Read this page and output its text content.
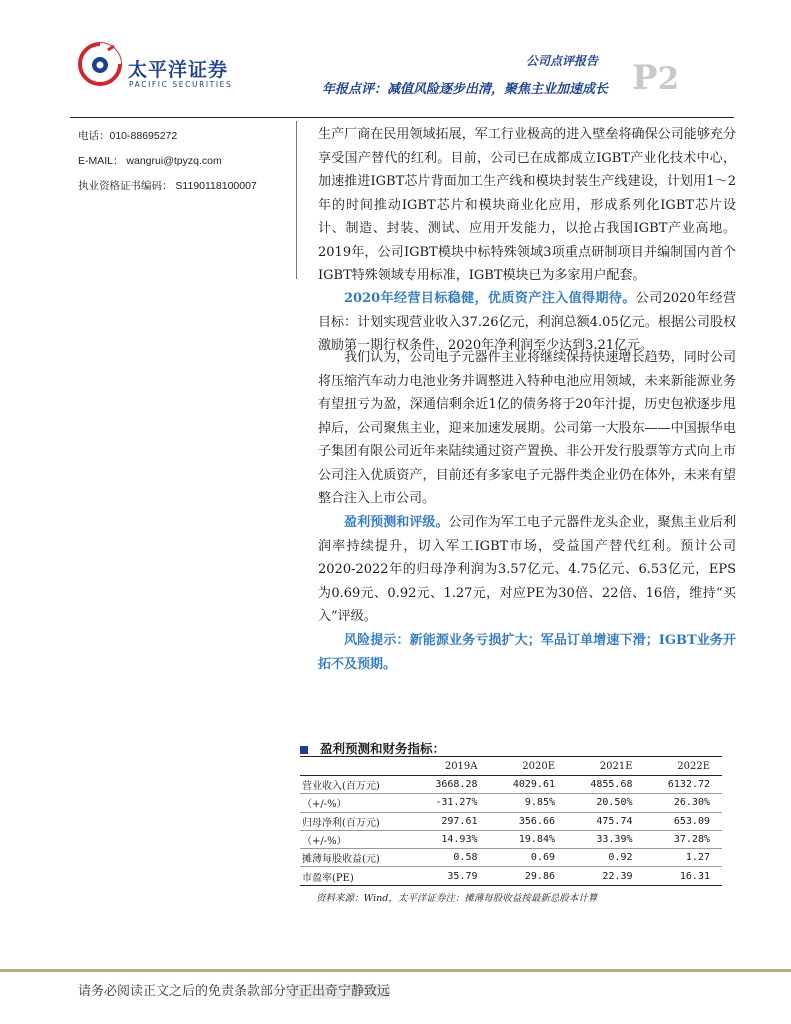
太平洋证券
PACIFIC SECURITIES
公司点评报告
年报点评：减值风险逐步出清，聚焦主业加速成长 P2
电话：010-88695272
E-MAIL： wangrui@tpyzq.com
执业资格证书编码： S1190118100007

生产厂商在民用领域拓展，军工行业极高的进入壁垒将确保公司能够充分享受国产替代的红利。目前，公司已在成都成立IGBT产业化技术中心，加速推进IGBT芯片背面加工生产线和模块封装生产线建设，计划用1～2年的时间推动IGBT芯片和模块商业化应用，形成系列化IGBT芯片设计、制造、封装、测试、应用开发能力，以抢占我国IGBT产业高地。2019年，公司IGBT模块中标特殊领域3项重点研制项目并编制国内首个IGBT特殊领域专用标准，IGBT模块已为多家用户配套。

2020年经营目标稳健，优质资产注入值得期待。公司2020年经营目标：计划实现营业收入37.26亿元，利润总额4.05亿元。根据公司股权激励第一期行权条件，2020年净利润至少达到3.21亿元。

我们认为，公司电子元器件主业将继续保持快速增长趋势，同时公司将压缩汽车动力电池业务并调整进入特种电池应用领域，未来新能源业务有望扭亏为盈，深通信剩余近1亿的债务将于20年汁提，历史包袱逐步甩掉后，公司聚焦主业，迎来加速发展期。公司第一大股东——中国振华电子集团有限公司近年来陆续通过资产置换、非公开发行股票等方式向上市公司注入优质资产，目前还有多家电子元器件类企业仍在体外，未来有望整合注入上市公司。

盈利预测和评级。公司作为军工电子元器件龙头企业，聚焦主业后利润率持续提升，切入军工IGBT市场，受益国产替代红利。预计公司2020-2022年的归母净利润为3.57亿元、4.75亿元、6.53亿元，EPS为0.69元、0.92元、1.27元，对应PE为30倍、22倍、16倍，维持“买入”评级。

风险提示：新能源业务亏损扩大；军品订单增速下滑；IGBT业务开拓不及预期。

盈利预测和财务指标：
	2019A	2020E	2021E	2022E
营业收入(百万元)	3668.28	4029.61	4855.68	6132.72
（+/-%）	-31.27%	9.85%	20.50%	26.30%
归母净利(百万元)	297.61	356.66	475.74	653.09
（+/-%）	14.93%	19.84%	33.39%	37.28%
摊薄每股收益(元)	0.58	0.69	0.92	1.27
市盈率(PE)	35.79	29.86	22.39	16.31
资料来源：Wind，太平洋证券注：摊薄每股收益按最新总股本计算
请务必阅读正文之后的免责条款部分守正出奇宁静致远
